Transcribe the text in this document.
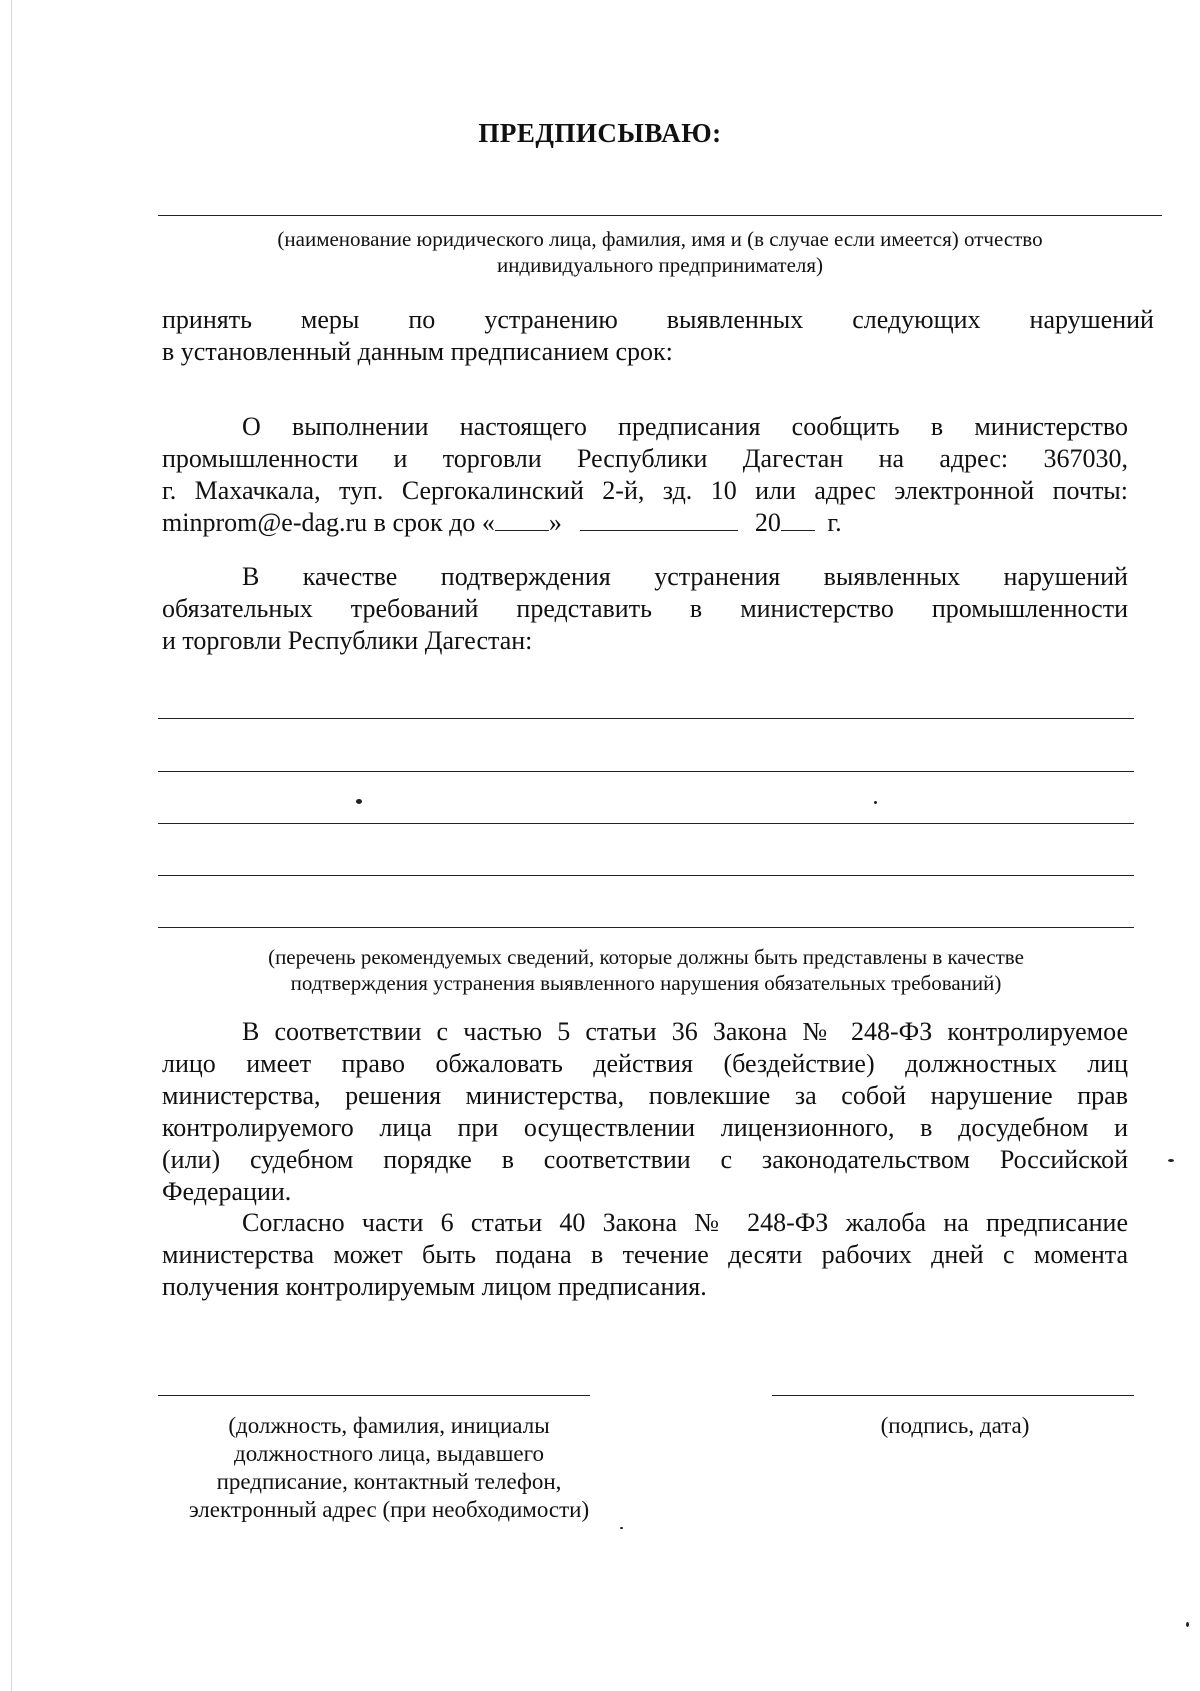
ПРЕДПИСЫВАЮ:
(наименование юридического лица, фамилия, имя и (в случае если имеется) отчество
индивидуального предпринимателя)
принять меры по устранению выявленных следующих нарушений
в установленный данным предписанием срок:
О выполнении настоящего предписания сообщить в министерство
промышленности и торговли Республики Дагестан на адрес: 367030,
г. Махачкала, туп. Сергокалинский 2-й, зд. 10 или адрес электронной почты:
minprom@e-dag.ru в срок до « »	20 г.
В качестве подтверждения устранения выявленных нарушений
обязательных требований представить в министерство промышленности
и торговли Республики Дагестан:
(перечень рекомендуемых сведений, которые должны быть представлены в качестве
подтверждения устранения выявленного нарушения обязательных требований)
В соответствии с частью 5 статьи 36 Закона № 248-ФЗ контролируемое
лицо имеет право обжаловать действия (бездействие) должностных лиц
министерства, решения министерства, повлекшие за собой нарушение прав
контролируемого лица при осуществлении лицензионного, в досудебном и
(или) судебном порядке в соответствии с законодательством Российской
Федерации.
Согласно части 6 статьи 40 Закона № 248-ФЗ жалоба на предписание
министерства может быть подана в течение десяти рабочих дней с момента
получения контролируемым лицом предписания.
(должность, фамилия, инициалы
должностного лица, выдавшего
предписание, контактный телефон,
электронный адрес (при необходимости)
(подпись, дата)
